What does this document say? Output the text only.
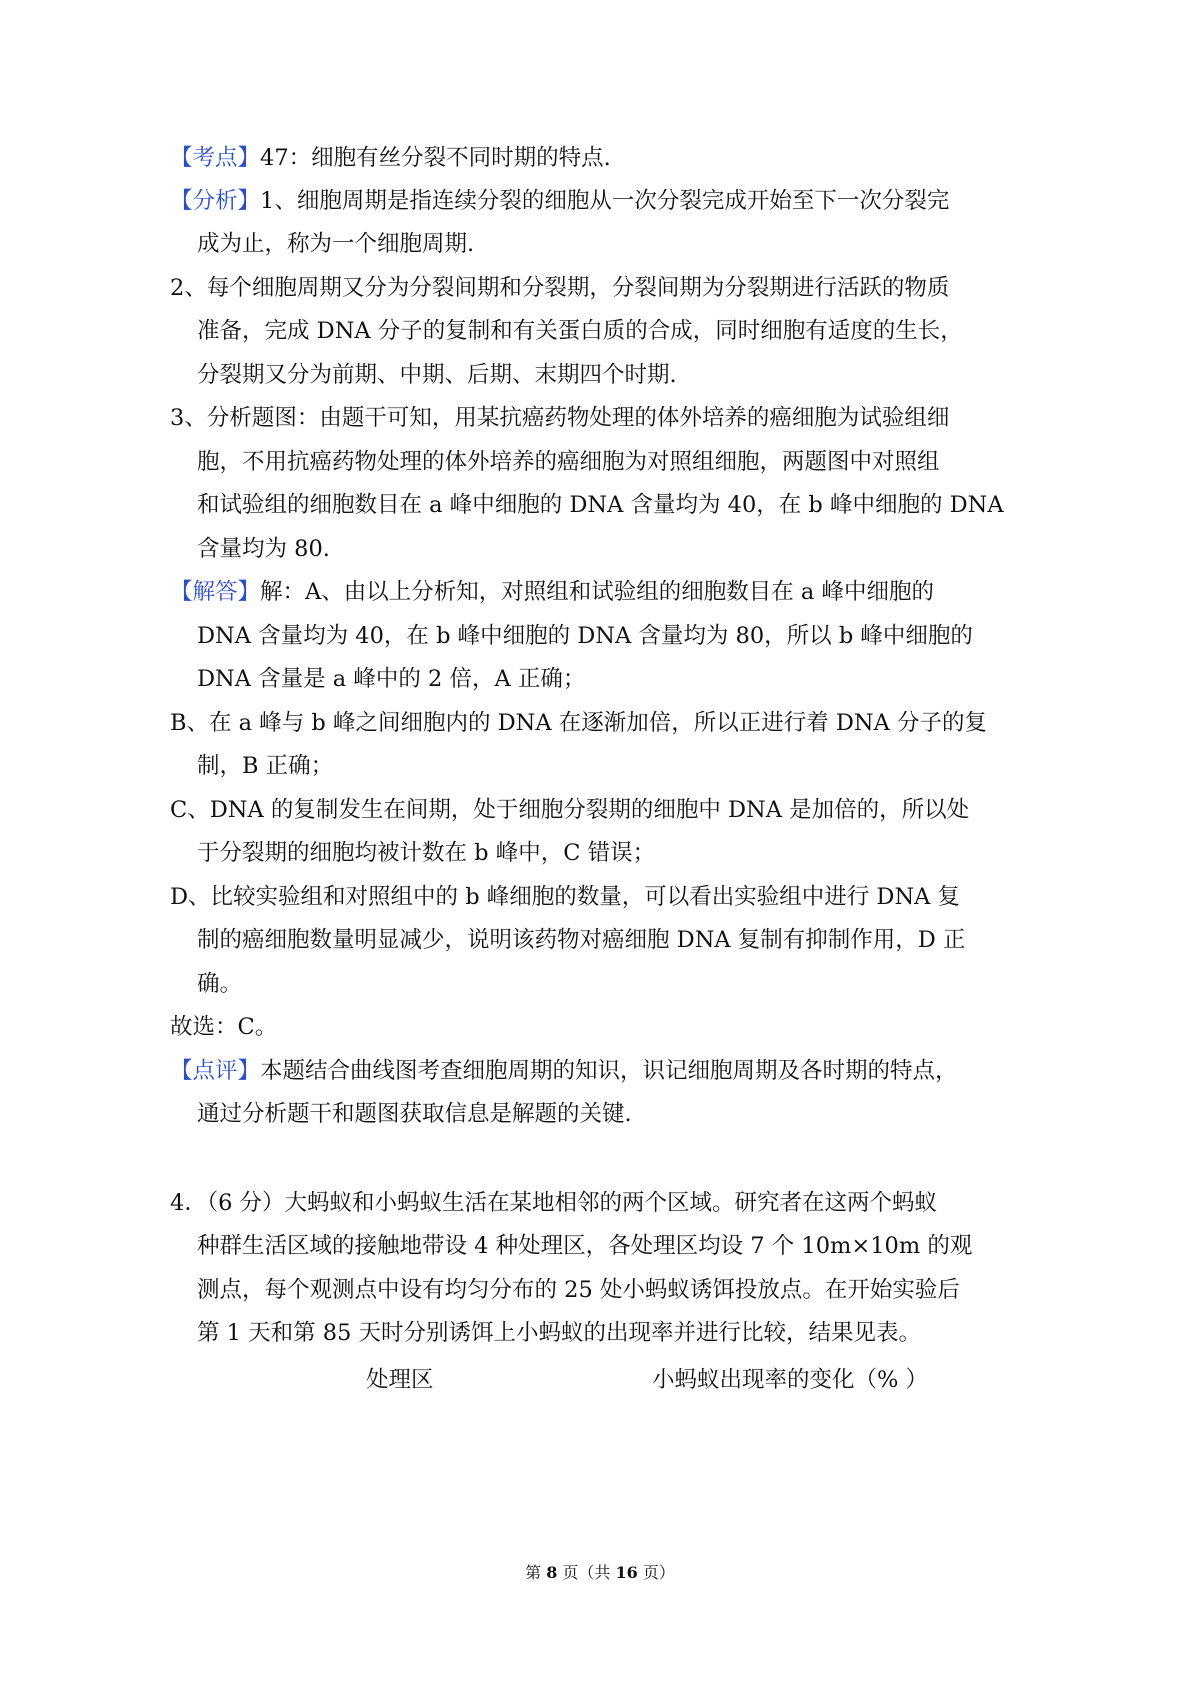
【考点】47：细胞有丝分裂不同时期的特点.
【分析】1、细胞周期是指连续分裂的细胞从一次分裂完成开始至下一次分裂完
成为止，称为一个细胞周期.
2、每个细胞周期又分为分裂间期和分裂期，分裂间期为分裂期进行活跃的物质
准备，完成 DNA 分子的复制和有关蛋白质的合成，同时细胞有适度的生长，
分裂期又分为前期、中期、后期、末期四个时期.
3、分析题图：由题干可知，用某抗癌药物处理的体外培养的癌细胞为试验组细
胞，不用抗癌药物处理的体外培养的癌细胞为对照组细胞，两题图中对照组
和试验组的细胞数目在 a 峰中细胞的 DNA 含量均为 40，在 b 峰中细胞的 DNA
含量均为 80.
【解答】解：A、由以上分析知，对照组和试验组的细胞数目在 a 峰中细胞的
DNA 含量均为 40，在 b 峰中细胞的 DNA 含量均为 80，所以 b 峰中细胞的
DNA 含量是 a 峰中的 2 倍，A 正确；
B、在 a 峰与 b 峰之间细胞内的 DNA 在逐渐加倍，所以正进行着 DNA 分子的复
制，B 正确；
C、DNA 的复制发生在间期，处于细胞分裂期的细胞中 DNA 是加倍的，所以处
于分裂期的细胞均被计数在 b 峰中，C 错误；
D、比较实验组和对照组中的 b 峰细胞的数量，可以看出实验组中进行 DNA 复
制的癌细胞数量明显减少，说明该药物对癌细胞 DNA 复制有抑制作用，D 正
确。
故选：C。
【点评】本题结合曲线图考查细胞周期的知识，识记细胞周期及各时期的特点，
通过分析题干和题图获取信息是解题的关键.
4．（6 分）大蚂蚁和小蚂蚁生活在某地相邻的两个区域。研究者在这两个蚂蚁
种群生活区域的接触地带设 4 种处理区，各处理区均设 7 个 10m×10m 的观
测点，每个观测点中设有均匀分布的 25 处小蚂蚁诱饵投放点。在开始实验后
第 1 天和第 85 天时分别诱饵上小蚂蚁的出现率并进行比较，结果见表。
处理区	小蚂蚁出现率的变化（% ）
第 8 页（共 16 页）
